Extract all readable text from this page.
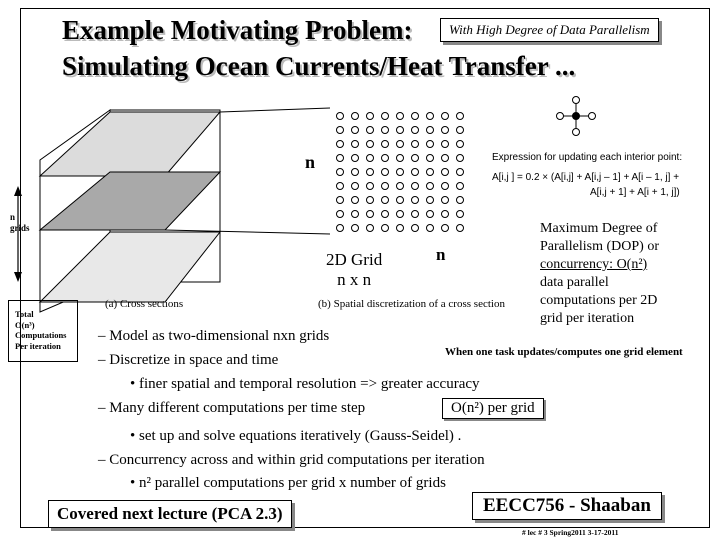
Example Motivating Problem:
Simulating Ocean Currents/Heat Transfer ...
With High Degree of Data Parallelism
n
n
Expression for updating each interior point:
A[i,j ] = 0.2 × (A[i,j] + A[i,j – 1] + A[i – 1, j] +
A[i,j + 1] + A[i + 1, j])
n
grids
2D Grid
n x n
(a) Cross sections	(b) Spatial discretization of a cross section
Total
O(n³)
Computations
Per iteration
Maximum Degree of
Parallelism (DOP) or
concurrency: O(n²)
data parallel
computations per 2D
grid per iteration
When one task updates/computes one grid element
– Model as two-dimensional nxn grids
– Discretize in space and time
• finer spatial and temporal resolution => greater accuracy
– Many different computations per time step	O(n²) per grid
• set up and solve equations iteratively (Gauss-Seidel) .
– Concurrency across and within grid computations per iteration
• n² parallel computations per grid x number of grids
Covered next lecture (PCA 2.3)	EECC756 - Shaaban
# lec # 3 Spring2011 3-17-2011
